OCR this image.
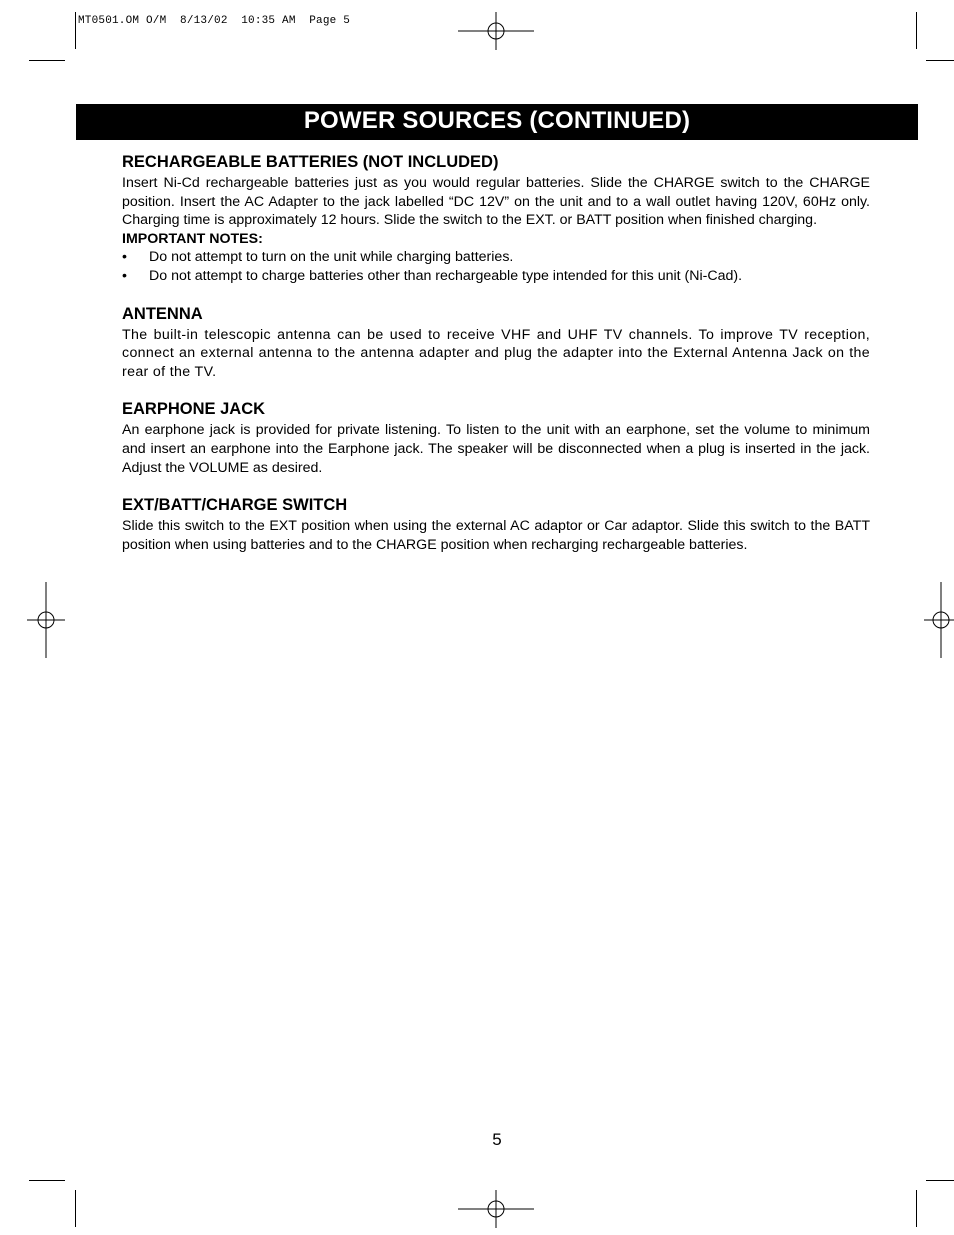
MT0501.OM O/M  8/13/02  10:35 AM  Page 5
POWER SOURCES (CONTINUED)
RECHARGEABLE BATTERIES (NOT INCLUDED)

Insert Ni-Cd rechargeable batteries just as you would regular batteries. Slide the CHARGE switch to the CHARGE position. Insert the AC Adapter to the jack labelled “DC 12V” on the unit and to a wall outlet having 120V, 60Hz only. Charging time is approximately 12 hours. Slide the switch to the EXT. or BATT position when finished charging.

IMPORTANT NOTES:
• Do not attempt to turn on the unit while charging batteries.
• Do not attempt to charge batteries other than rechargeable type intended for this unit (Ni-Cad).
ANTENNA

The built-in telescopic antenna can be used to receive VHF and UHF TV channels. To improve TV reception, connect an external antenna to the antenna adapter and plug the adapter into the External Antenna Jack on the rear of the TV.

EARPHONE JACK

An earphone jack is provided for private listening. To listen to the unit with an earphone, set the volume to minimum and insert an earphone into the Earphone jack. The speaker will be disconnected when a plug is inserted in the jack. Adjust the VOLUME as desired.

EXT/BATT/CHARGE SWITCH

Slide this switch to the EXT position when using the external AC adaptor or Car adaptor. Slide this switch to the BATT position when using batteries and to the CHARGE position when recharging rechargeable batteries.

5
